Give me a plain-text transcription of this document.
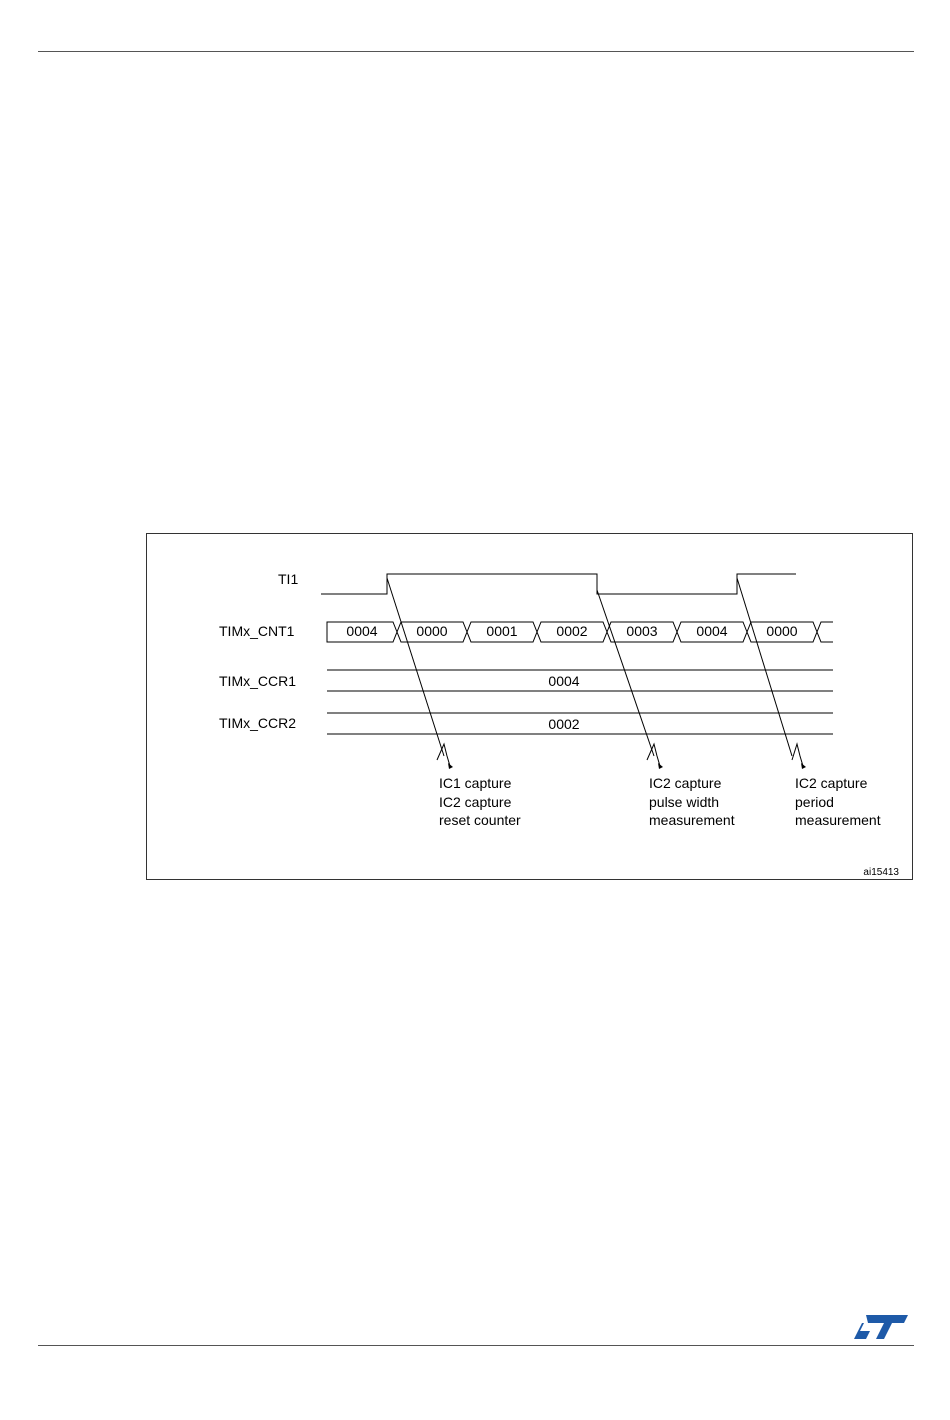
TI1
TIMx_CNT1
TIMx_CCR1
TIMx_CCR2
0004	0000	0001	0002	0003	0004	0000
0004
0002
IC1 capture
IC2 capture
reset counter
IC2 capture
pulse width
measurement
IC2 capture
period
measurement
ai15413
